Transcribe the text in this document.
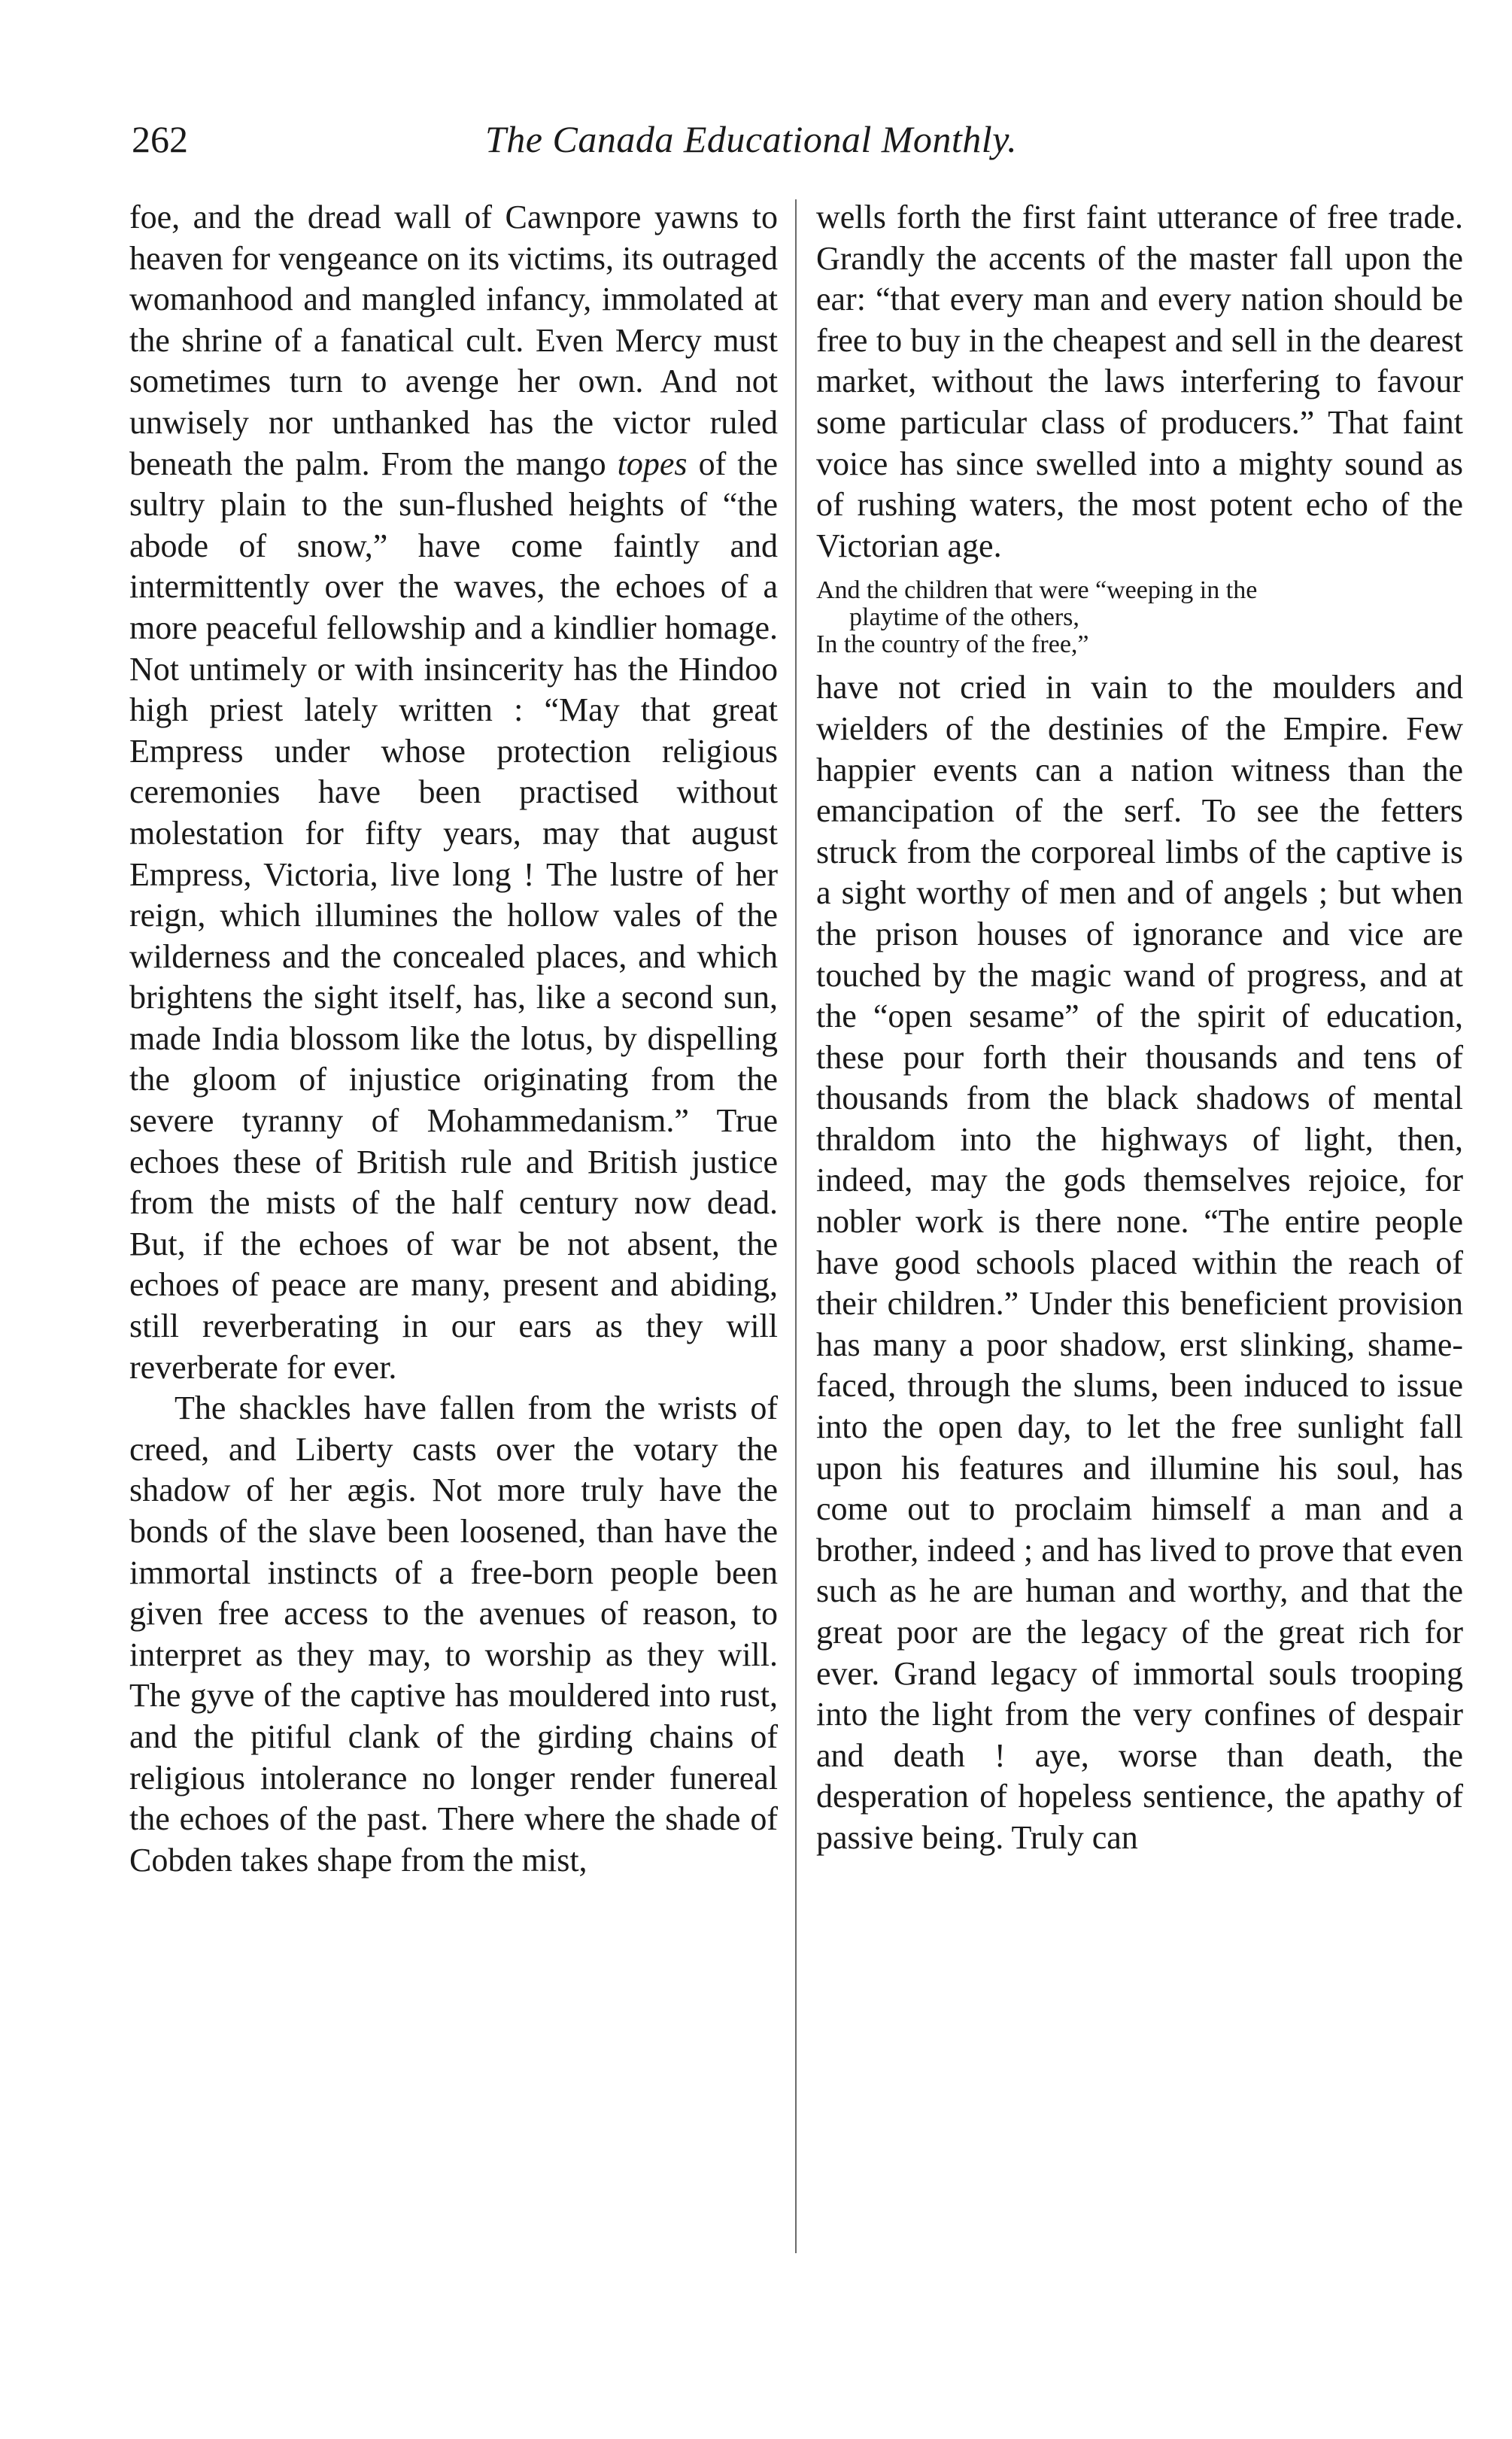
262	The Canada Educational Monthly.

foe, and the dread wall of Cawnpore yawns to heaven for vengeance on its victims, its outraged womanhood and mangled infancy, immolated at the shrine of a fanatical cult. Even Mercy must sometimes turn to avenge her own. And not unwisely nor unthanked has the victor ruled beneath the palm. From the mango topes of the sultry plain to the sun-flushed heights of “the abode of snow,” have come faintly and intermittently over the waves, the echoes of a more peaceful fellowship and a kindlier homage. Not untimely or with insincerity has the Hindoo high priest lately written : “May that great Empress under whose protection religious ceremonies have been practised without molestation for fifty years, may that august Empress, Victoria, live long ! The lustre of her reign, which illumines the hollow vales of the wilderness and the concealed places, and which brightens the sight itself, has, like a second sun, made India blossom like the lotus, by dispelling the gloom of injustice originating from the severe tyranny of Mohammedanism.” True echoes these of British rule and British justice from the mists of the half century now dead. But, if the echoes of war be not absent, the echoes of peace are many, present and abiding, still reverberating in our ears as they will reverberate for ever.

The shackles have fallen from the wrists of creed, and Liberty casts over the votary the shadow of her ægis. Not more truly have the bonds of the slave been loosened, than have the immortal instincts of a free-born people been given free access to the avenues of reason, to interpret as they may, to worship as they will. The gyve of the captive has mouldered into rust, and the pitiful clank of the girding chains of religious intolerance no longer render funereal the echoes of the past. There where the shade of Cobden takes shape from the mist,

wells forth the first faint utterance of free trade. Grandly the accents of the master fall upon the ear: “that every man and every nation should be free to buy in the cheapest and sell in the dearest market, without the laws interfering to favour some particular class of producers.” That faint voice has since swelled into a mighty sound as of rushing waters, the most potent echo of the Victorian age.

And the children that were “weeping in the
playtime of the others,
In the country of the free,”

have not cried in vain to the moulders and wielders of the destinies of the Empire. Few happier events can a nation witness than the emancipation of the serf. To see the fetters struck from the corporeal limbs of the captive is a sight worthy of men and of angels ; but when the prison houses of ignorance and vice are touched by the magic wand of progress, and at the “open sesame” of the spirit of education, these pour forth their thousands and tens of thousands from the black shadows of mental thraldom into the highways of light, then, indeed, may the gods themselves rejoice, for nobler work is there none. “The entire people have good schools placed within the reach of their children.” Under this beneficient provision has many a poor shadow, erst slinking, shame-faced, through the slums, been induced to issue into the open day, to let the free sunlight fall upon his features and illumine his soul, has come out to proclaim himself a man and a brother, indeed ; and has lived to prove that even such as he are human and worthy, and that the great poor are the legacy of the great rich for ever. Grand legacy of immortal souls trooping into the light from the very confines of despair and death ! aye, worse than death, the desperation of hopeless sentience, the apathy of passive being. Truly can
